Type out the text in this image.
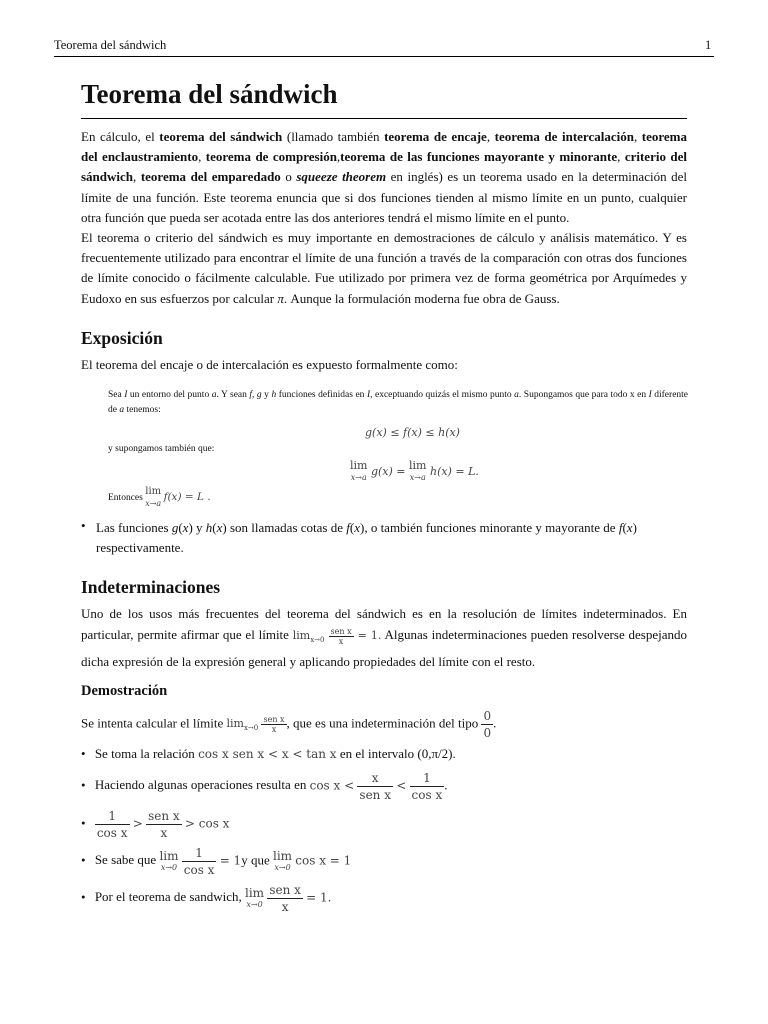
Teorema del sándwich	1
Teorema del sándwich

En cálculo, el teorema del sándwich (llamado también teorema de encaje, teorema de intercalación, teorema del enclaustramiento, teorema de compresión,teorema de las funciones mayorante y minorante, criterio del sándwich, teorema del emparedado o squeeze theorem en inglés) es un teorema usado en la determinación del límite de una función. Este teorema enuncia que si dos funciones tienden al mismo límite en un punto, cualquier otra función que pueda ser acotada entre las dos anteriores tendrá el mismo límite en el punto.

El teorema o criterio del sándwich es muy importante en demostraciones de cálculo y análisis matemático. Y es frecuentemente utilizado para encontrar el límite de una función a través de la comparación con otras dos funciones de límite conocido o fácilmente calculable. Fue utilizado por primera vez de forma geométrica por Arquímedes y Eudoxo en sus esfuerzos por calcular π. Aunque la formulación moderna fue obra de Gauss.

Exposición

El teorema del encaje o de intercalación es expuesto formalmente como:

Sea I un entorno del punto a. Y sean f, g y h funciones definidas en I, exceptuando quizás el mismo punto a. Supongamos que para todo x en I diferente de a tenemos:

g(x) ≤ f(x) ≤ h(x)
y supongamos también que:
lim
x→a g(x) = lim
x→a h(x) = L.
Entonces lim
x→a
f(x) = L .
• Las funciones g(x) y h(x) son llamadas cotas de f(x), o también funciones minorante y mayorante de f(x) respectivamente.

Indeterminaciones

Uno de los usos más frecuentes del teorema del sándwich es en la resolución de límites indeterminados. En particular, permite afirmar que el límite $\lim_{x\to 0} \frac{\text{sen x}}{x} = 1$. Algunas indeterminaciones pueden resolverse despejando dicha expresión de la expresión general y aplicando propiedades del límite con el resto.

Demostración
Se intenta calcular el límite $\lim_{x\to 0} \frac{\text{sen x}}{x}$ , que es una indeterminación del tipo $\frac{0}{0}$ .
• Se toma la relación cos x sen x < x < tan x en el intervalo (0,π/2).
• Haciendo algunas operaciones resulta en $\cos x < \frac{x}{\text{sen x}} < \frac{1}{\text{cos x}}$ .
• $\frac{1}{\text{cos x}} > \frac{\text{sen x}}{x} > \cos x$
• Se sabe que lim
x→0
$\frac{1}{\text{cos x}} = 1y$ que lim
x→0 cos x = 1
• Por el teorema de sandwich, lim
x→0
$\frac{\text{sen x}}{x} = 1$.
